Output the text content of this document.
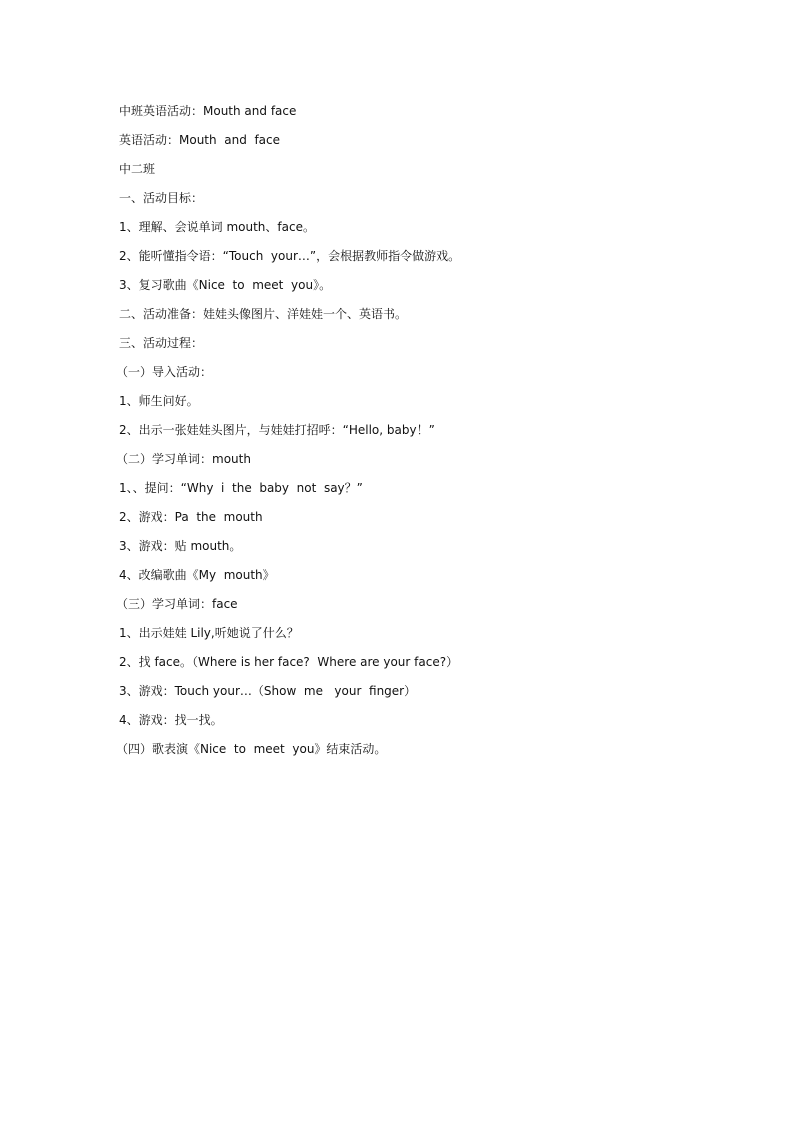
中班英语活动：Mouth and face

英语活动：Mouth  and  face

中二班

一、活动目标：

1、理解、会说单词 mouth、face。

2、能听懂指令语：“Touch  your…”，会根据教师指令做游戏。

3、复习歌曲《Nice  to  meet  you》。

二、活动准备：娃娃头像图片、洋娃娃一个、英语书。

三、活动过程：

（一）导入活动：

1、师生问好。

2、出示一张娃娃头图片，与娃娃打招呼：“Hello, baby！”

（二）学习单词：mouth

1、、提问：“Why  i  the  baby  not  say？”

2、游戏：Pa  the  mouth

3、游戏：贴 mouth。

4、改编歌曲《My  mouth》

（三）学习单词：face

1、出示娃娃 Lily,听她说了什么？

2、找 face。（Where is her face?  Where are your face?）

3、游戏：Touch your…（Show  me   your  finger）

4、游戏：找一找。

（四）歌表演《Nice  to  meet  you》结束活动。
